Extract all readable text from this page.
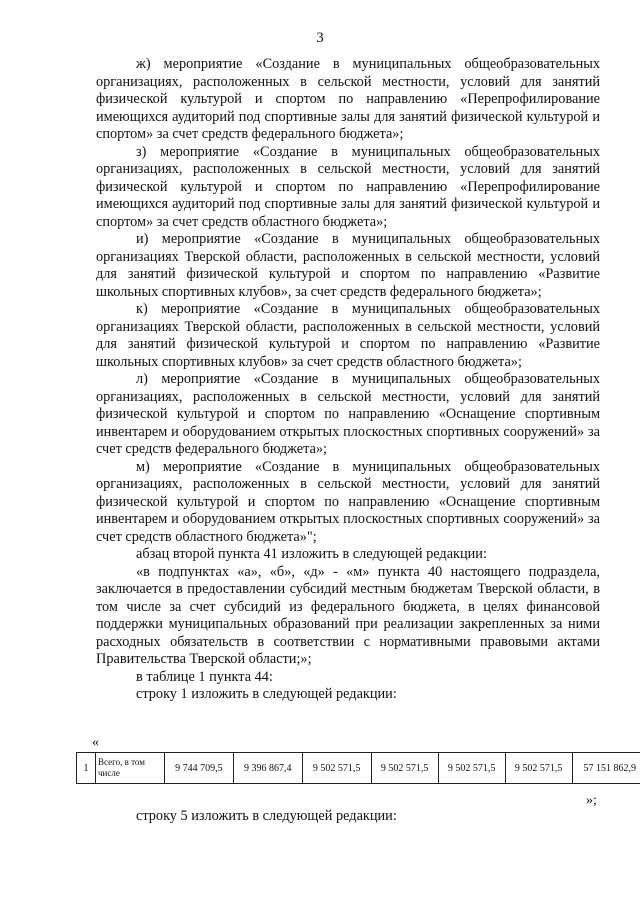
3

ж) мероприятие «Создание в муниципальных общеобразовательных организациях, расположенных в сельской местности, условий для занятий физической культурой и спортом по направлению «Перепрофилирование имеющихся аудиторий под спортивные залы для занятий физической культурой и спортом» за счет средств федерального бюджета»;

з) мероприятие «Создание в муниципальных общеобразовательных организациях, расположенных в сельской местности, условий для занятий физической культурой и спортом по направлению «Перепрофилирование имеющихся аудиторий под спортивные залы для занятий физической культурой и спортом» за счет средств областного бюджета»;

и) мероприятие «Создание в муниципальных общеобразовательных организациях Тверской области, расположенных в сельской местности, условий для занятий физической культурой и спортом по направлению «Развитие школьных спортивных клубов», за счет средств федерального бюджета»;

к) мероприятие «Создание в муниципальных общеобразовательных организациях Тверской области, расположенных в сельской местности, условий для занятий физической культурой и спортом по направлению «Развитие школьных спортивных клубов» за счет средств областного бюджета»;

л) мероприятие «Создание в муниципальных общеобразовательных организациях, расположенных в сельской местности, условий для занятий физической культурой и спортом по направлению «Оснащение спортивным инвентарем и оборудованием открытых плоскостных спортивных сооружений» за счет средств федерального бюджета»;

м) мероприятие «Создание в муниципальных общеобразовательных организациях, расположенных в сельской местности, условий для занятий физической культурой и спортом по направлению «Оснащение спортивным инвентарем и оборудованием открытых плоскостных спортивных сооружений» за счет средств областного бюджета»";

абзац второй пункта 41 изложить в следующей редакции:

«в подпунктах «а», «б», «д» - «м» пункта 40 настоящего подраздела, заключается в предоставлении субсидий местным бюджетам Тверской области, в том числе за счет субсидий из федерального бюджета, в целях финансовой поддержки муниципальных образований при реализации закрепленных за ними расходных обязательств в соответствии с нормативными правовыми актами Правительства Тверской области;»;

в таблице 1 пункта 44:

строку 1 изложить в следующей редакции:

«
1	Всего, в том числе	9 744 709,5	9 396 867,4	9 502 571,5	9 502 571,5	9 502 571,5	9 502 571,5	57 151 862,9
»;
строку 5 изложить в следующей редакции:
